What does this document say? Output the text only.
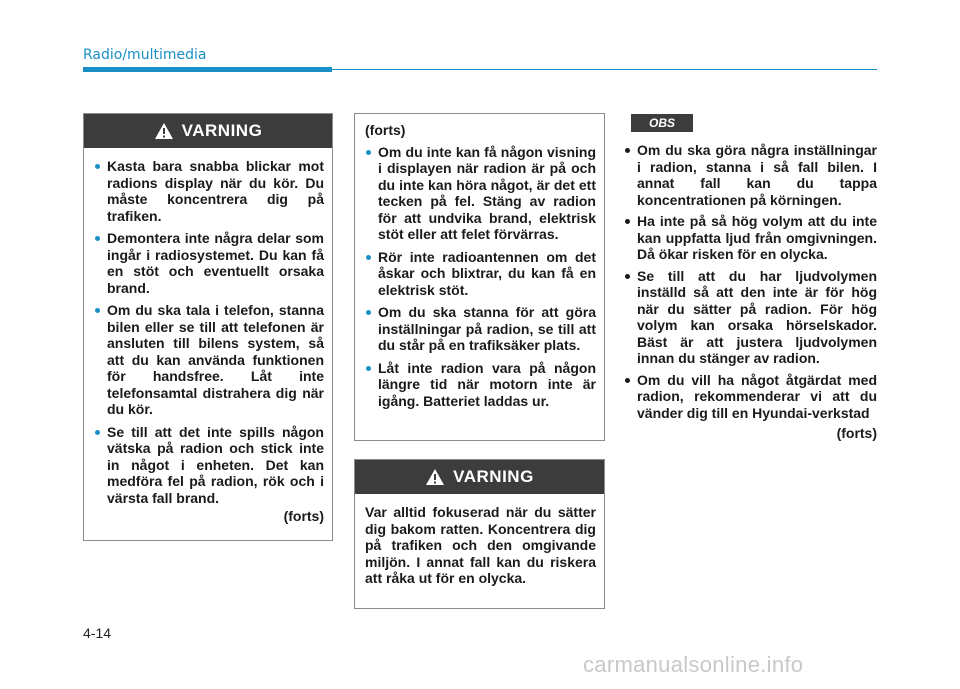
Radio/multimedia
VARNING
Kasta bara snabba blickar mot radions display när du kör. Du måste koncentrera dig på trafiken.
Demontera inte några delar som ingår i radiosystemet. Du kan få en stöt och eventuellt orsaka brand.
Om du ska tala i telefon, stanna bilen eller se till att telefonen är ansluten till bilens system, så att du kan använda funktionen för handsfree. Låt inte telefonsamtal distrahera dig när du kör.
Se till att det inte spills någon vätska på radion och stick inte in något i enheten. Det kan medföra fel på radion, rök och i värsta fall brand.
(forts)
(forts)
Om du inte kan få någon visning i displayen när radion är på och du inte kan höra något, är det ett tecken på fel. Stäng av radion för att undvika brand, elektrisk stöt eller att felet förvärras.
Rör inte radioantennen om det åskar och blixtrar, du kan få en elektrisk stöt.
Om du ska stanna för att göra inställningar på radion, se till att du står på en trafiksäker plats.
Låt inte radion vara på någon längre tid när motorn inte är igång. Batteriet laddas ur.
VARNING
Var alltid fokuserad när du sätter dig bakom ratten. Koncentrera dig på trafiken och den omgivande miljön. I annat fall kan du riskera att råka ut för en olycka.
OBS
Om du ska göra några inställningar i radion, stanna i så fall bilen. I annat fall kan du tappa koncentrationen på körningen.
Ha inte på så hög volym att du inte kan uppfatta ljud från omgivningen. Då ökar risken för en olycka.
Se till att du har ljudvolymen inställd så att den inte är för hög när du sätter på radion. För hög volym kan orsaka hörselskador. Bäst är att justera ljudvolymen innan du stänger av radion.
Om du vill ha något åtgärdat med radion, rekommenderar vi att du vänder dig till en Hyundai-verkstad
(forts)
4-14
carmanualsonline.info
